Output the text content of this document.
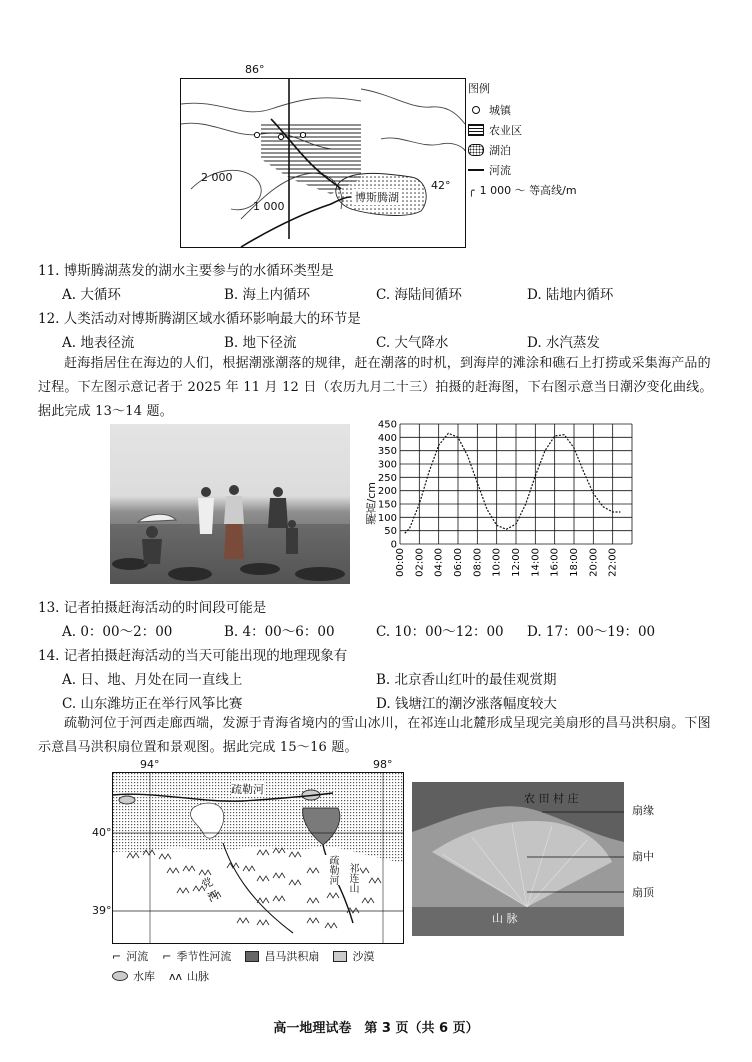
86°
2 000
1 000
博斯腾湖
42°
图例
城镇
农业区
湖泊
河流
╭ 1 000 ～ 等高线/m
11. 博斯腾湖蒸发的湖水主要参与的水循环类型是
A. 大循环	B. 海上内循环	C. 海陆间循环	D. 陆地内循环
12. 人类活动对博斯腾湖区域水循环影响最大的环节是
A. 地表径流	B. 地下径流	C. 大气降水	D. 水汽蒸发
赶海指居住在海边的人们，根据潮涨潮落的规律，赶在潮落的时机，到海岸的滩涂和礁石上打捞或采集海产品的过程。下左图示意记者于 2025 年 11 月 12 日（农历九月二十三）拍摄的赶海图，下右图示意当日潮汐变化曲线。据此完成 13～14 题。
450
400
350
300
250
200
150
100
50
0
00:00 02:00 04:00 06:00 08:00 10:00 12:00 14:00 16:00 18:00 20:00 22:00
潮高/cm
13. 记者拍摄赶海活动的时间段可能是
A. 0：00～2：00	B. 4：00～6：00	C. 10：00～12：00 D. 17：00～19：00
14. 记者拍摄赶海活动的当天可能出现的地理现象有
A. 日、地、月处在同一直线上	B. 北京香山红叶的最佳观赏期
C. 山东潍坊正在举行风筝比赛	D. 钱塘江的潮汐涨落幅度较大
疏勒河位于河西走廊西端，发源于青海省境内的雪山冰川，在祁连山北麓形成呈现完美扇形的昌马洪积扇。下图示意昌马洪积扇位置和景观图。据此完成 15～16 题。
疏勒河
党 河
疏勒河 祁连山
94°	98°
40°
39°
农 田 村 庄
山 脉
扇缘
扇中
扇顶
⌐ 河流 ⌐ 季节性河流	昌马洪积扇	沙漠
水库 ʌʌ 山脉
高一地理试卷　第 3 页（共 6 页）
